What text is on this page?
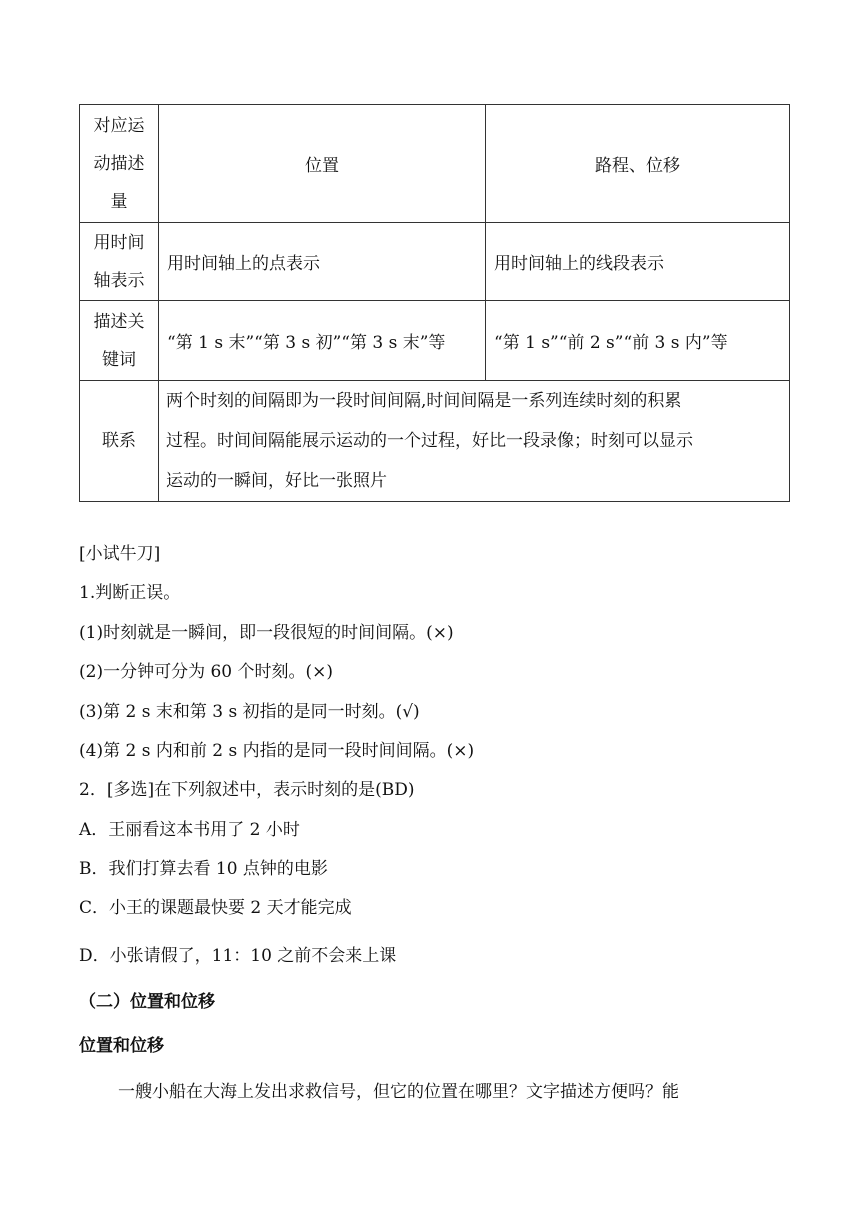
对应运
动描述
量	位置	路程、位移

用时间
轴表示	用时间轴上的点表示	用时间轴上的线段表示

描述关
键词	“第 1 s 末”“第 3 s 初”“第 3 s 末”等	“第 1 s”“前 2 s”“前 3 s 内”等
联系	两个时刻的间隔即为一段时间间隔,时间间隔是一系列连续时刻的积累
过程。时间间隔能展示运动的一个过程，好比一段录像；时刻可以显示
运动的一瞬间，好比一张照片	
[小试牛刀]
1.判断正误。
(1)时刻就是一瞬间，即一段很短的时间间隔。(×)
(2)一分钟可分为 60 个时刻。(×)
(3)第 2 s 末和第 3 s 初指的是同一时刻。(√)
(4)第 2 s 内和前 2 s 内指的是同一段时间间隔。(×)
2．[多选]在下列叙述中，表示时刻的是(BD)
A．王丽看这本书用了 2 小时
B．我们打算去看 10 点钟的电影
C．小王的课题最快要 2 天才能完成
D．小张请假了，11：10 之前不会来上课
（二）位置和位移
位置和位移
一艘小船在大海上发出求救信号，但它的位置在哪里？文字描述方便吗？能
